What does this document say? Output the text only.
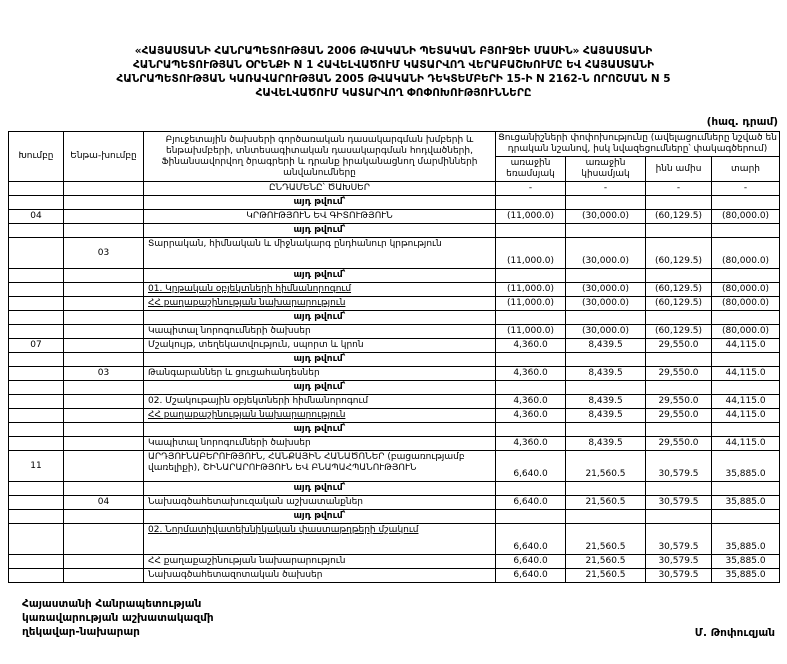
«ՀԱՅԱՍՏԱՆԻ ՀԱՆՐԱՊԵՏՈՒԹՅԱՆ 2006 ԹՎԱԿԱՆԻ ՊԵՏԱԿԱՆ ԲՅՈՒՋԵԻ ՄԱՍԻՆ» ՀԱՅԱՍՏԱՆԻ
ՀԱՆՐԱՊԵՏՈՒԹՅԱՆ ՕՐԵՆՔԻ N 1 ՀԱՎԵԼՎԱԾՈՒՄ ԿԱՏԱՐՎՈՂ ՎԵՐԱԲԱՇԽՈՒՄԸ ԵՎ ՀԱՅԱՍՏԱՆԻ
ՀԱՆՐԱՊԵՏՈՒԹՅԱՆ ԿԱՌԱՎԱՐՈՒԹՅԱՆ 2005 ԹՎԱԿԱՆԻ ԴԵԿՏԵՄԲԵՐԻ 15-Ի N 2162-Ն ՈՐՈՇՄԱՆ N 5
ՀԱՎԵԼՎԱԾՈՒՄ ԿԱՏԱՐՎՈՂ ՓՈՓՈԽՈՒԹՅՈՒՆՆԵՐԸ
(հազ. դրամ)
Խումբը	Ենթա-խումբը	Բյուջետային ծախսերի գործառական դասակարգման խմբերի և ենթախմբերի, տնտեսագիտական դասակարգման հոդվածների, Ֆինանսավորվող ծրագրերի և դրանք իրականացնող մարմինների անվանումները	Ցուցանիշների փոփոխությունը (ավելացումները նշված են դրական նշանով, իսկ նվազեցումները՝ փակագծերում)			
			առաջին եռամսյակ	առաջին կիսամյակ	ինն ամիս	տարի
		ԸՆԴԱՄԵՆԸ՝ ԾԱԽՍԵՐ	-	-	-	-
		այդ թվում՝				
04		ԿՐԹՈՒԹՅՈՒՆ ԵՎ ԳԻՏՈՒԹՅՈՒՆ	(11,000.0)	(30,000.0)	(60,129.5)	(80,000.0)
		այդ թվում՝				
	03	Տարրական, հիմնական և միջնակարգ ընդհանուր կրթություն	(11,000.0)	(30,000.0)	(60,129.5)	(80,000.0)
		այդ թվում՝				
		01. Կրթական օբյեկտների հիմնանորոգում	(11,000.0)	(30,000.0)	(60,129.5)	(80,000.0)
		ՀՀ քաղաքաշինության նախարարություն	(11,000.0)	(30,000.0)	(60,129.5)	(80,000.0)
		այդ թվում՝				
		Կապիտալ նորոգումների ծախսեր	(11,000.0)	(30,000.0)	(60,129.5)	(80,000.0)
07		Մշակույթ, տեղեկատվություն, սպորտ և կրոն	4,360.0	8,439.5	29,550.0	44,115.0
		այդ թվում՝				
	03	Թանգարաններ և ցուցահանդեսներ	4,360.0	8,439.5	29,550.0	44,115.0
		այդ թվում՝				
		02. Մշակութային օբյեկտների հիմնանորոգում	4,360.0	8,439.5	29,550.0	44,115.0
		ՀՀ քաղաքաշինության նախարարություն	4,360.0	8,439.5	29,550.0	44,115.0
		այդ թվում՝				
		Կապիտալ նորոգումների ծախսեր	4,360.0	8,439.5	29,550.0	44,115.0
11		ԱՐԴՅՈՒՆԱԲԵՐՈՒԹՅՈՒՆ, ՀԱՆՔԱՅԻՆ ՀԱՆԱԾՈՆԵՐ (բացառությամբ վառելիքի), ՇԻՆԱՐԱՐՈՒԹՅՈՒՆ ԵՎ ԲՆԱՊԱՀՊԱՆՈՒԹՅՈՒՆ	6,640.0	21,560.5	30,579.5	35,885.0
		այդ թվում՝				
	04	Նախագծահետախուզական աշխատանքներ	6,640.0	21,560.5	30,579.5	35,885.0
		այդ թվում՝				
		02. Նորմատիվատեխնիկական փաստաթղթերի մշակում	6,640.0	21,560.5	30,579.5	35,885.0
		ՀՀ քաղաքաշինության նախարարություն	6,640.0	21,560.5	30,579.5	35,885.0
		Նախագծահետազոտական ծախսեր	6,640.0	21,560.5	30,579.5	35,885.0
Հայաստանի Հանրապետության
կառավարության աշխատակազմի
ղեկավար-նախարար	Մ. Թոփուզյան
